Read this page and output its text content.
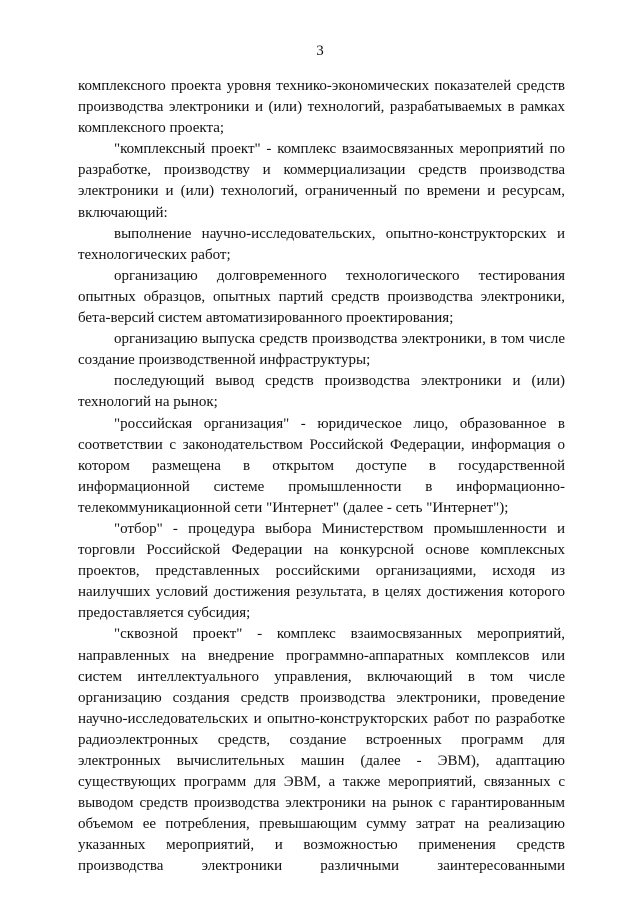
3

комплексного проекта уровня технико-экономических показателей средств производства электроники и (или) технологий, разрабатываемых в рамках комплексного проекта;

"комплексный проект" - комплекс взаимосвязанных мероприятий по разработке, производству и коммерциализации средств производства электроники и (или) технологий, ограниченный по времени и ресурсам, включающий:

выполнение научно-исследовательских, опытно-конструкторских и технологических работ;

организацию долговременного технологического тестирования опытных образцов, опытных партий средств производства электроники, бета-версий систем автоматизированного проектирования;

организацию выпуска средств производства электроники, в том числе создание производственной инфраструктуры;

последующий вывод средств производства электроники и (или) технологий на рынок;

"российская организация" - юридическое лицо, образованное в соответствии с законодательством Российской Федерации, информация о котором размещена в открытом доступе в государственной информационной системе промышленности в информационно-телекоммуникационной сети "Интернет" (далее - сеть "Интернет");

"отбор" - процедура выбора Министерством промышленности и торговли Российской Федерации на конкурсной основе комплексных проектов, представленных российскими организациями, исходя из наилучших условий достижения результата, в целях достижения которого предоставляется субсидия;

"сквозной проект" - комплекс взаимосвязанных мероприятий, направленных на внедрение программно-аппаратных комплексов или систем интеллектуального управления, включающий в том числе организацию создания средств производства электроники, проведение научно-исследовательских и опытно-конструкторских работ по разработке радиоэлектронных средств, создание встроенных программ для электронных вычислительных машин (далее - ЭВМ), адаптацию существующих программ для ЭВМ, а также мероприятий, связанных с выводом средств производства электроники на рынок с гарантированным объемом ее потребления, превышающим сумму затрат на реализацию указанных мероприятий, и возможностью применения средств производства электроники различными заинтересованными
